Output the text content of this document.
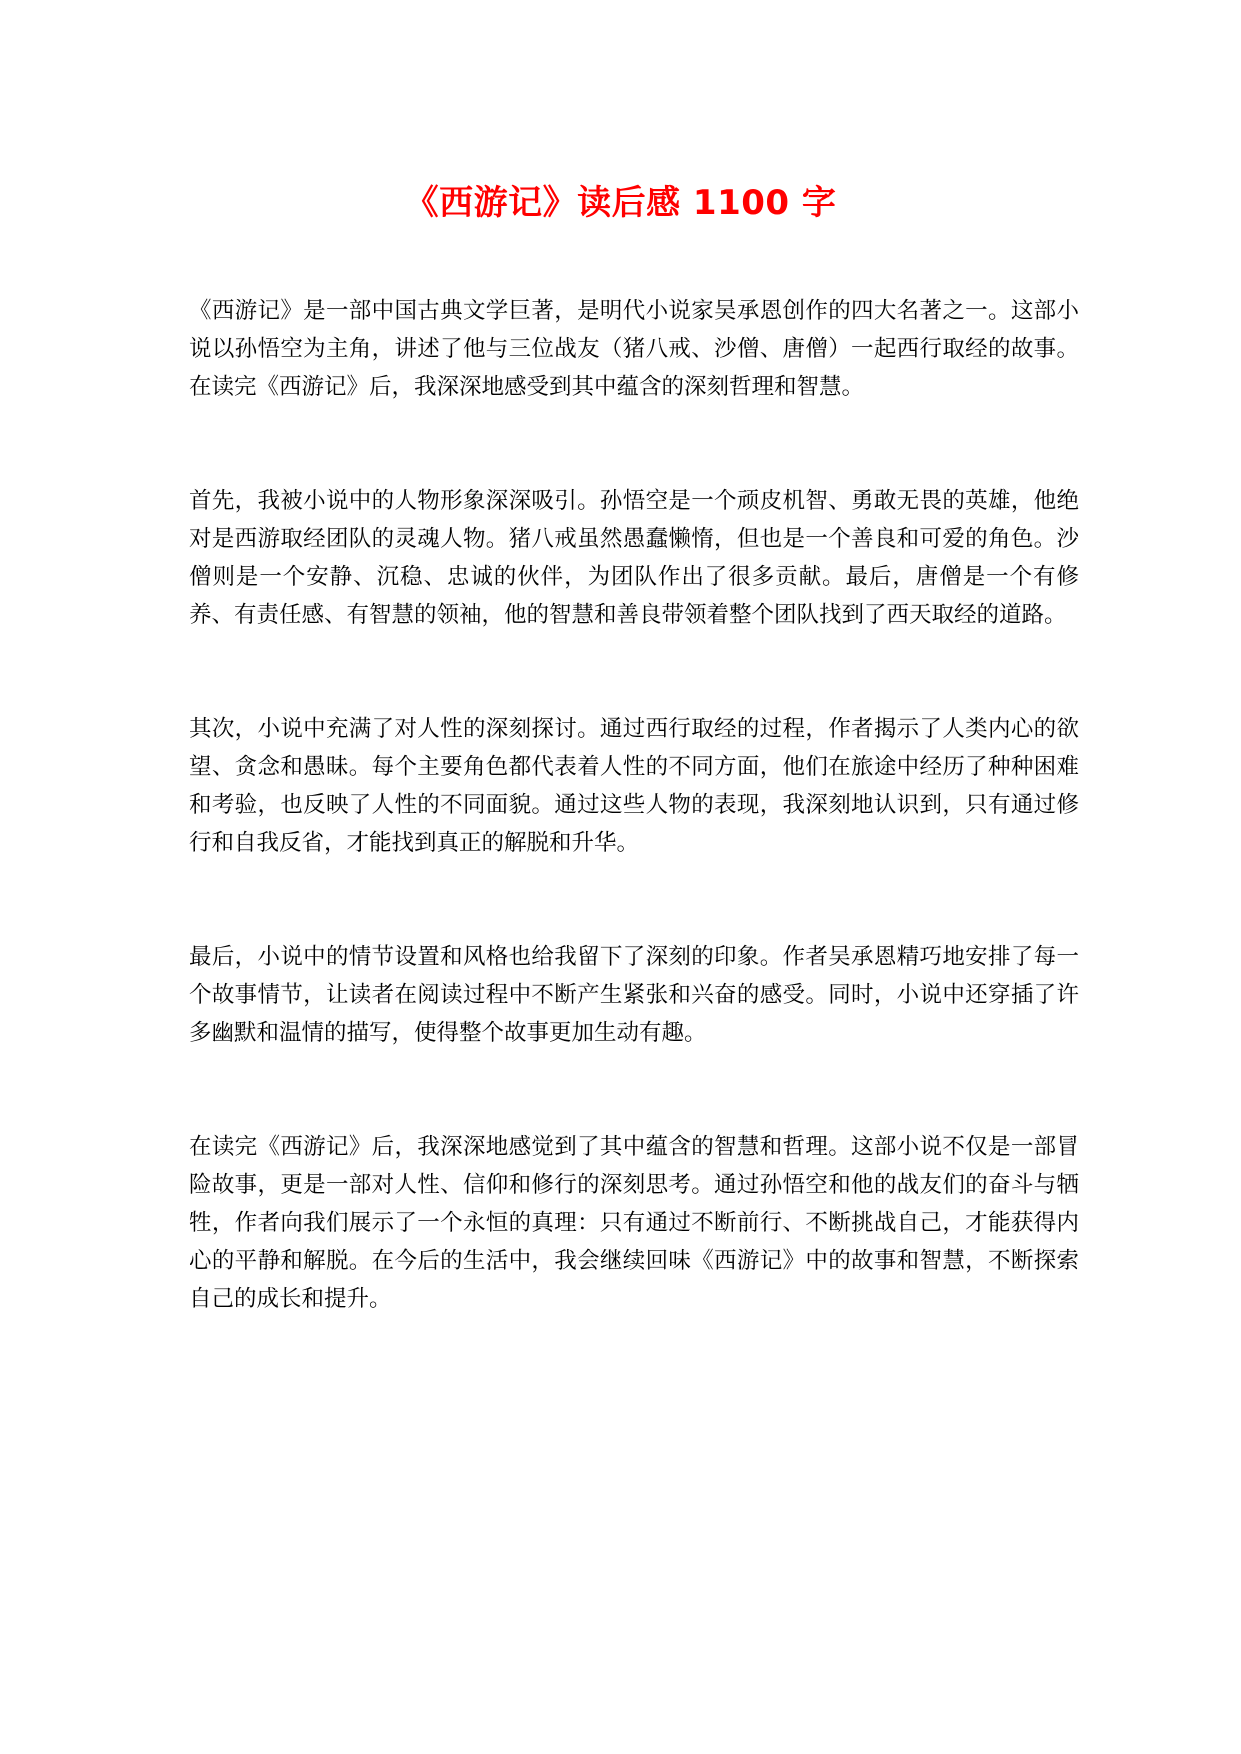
《西游记》读后感 1100 字

《西游记》是一部中国古典文学巨著，是明代小说家吴承恩创作的四大名著之一。这部小说以孙悟空为主角，讲述了他与三位战友（猪八戒、沙僧、唐僧）一起西行取经的故事。在读完《西游记》后，我深深地感受到其中蕴含的深刻哲理和智慧。

首先，我被小说中的人物形象深深吸引。孙悟空是一个顽皮机智、勇敢无畏的英雄，他绝对是西游取经团队的灵魂人物。猪八戒虽然愚蠢懒惰，但也是一个善良和可爱的角色。沙僧则是一个安静、沉稳、忠诚的伙伴，为团队作出了很多贡献。最后，唐僧是一个有修养、有责任感、有智慧的领袖，他的智慧和善良带领着整个团队找到了西天取经的道路。

其次，小说中充满了对人性的深刻探讨。通过西行取经的过程，作者揭示了人类内心的欲望、贪念和愚昧。每个主要角色都代表着人性的不同方面，他们在旅途中经历了种种困难和考验，也反映了人性的不同面貌。通过这些人物的表现，我深刻地认识到，只有通过修行和自我反省，才能找到真正的解脱和升华。

最后，小说中的情节设置和风格也给我留下了深刻的印象。作者吴承恩精巧地安排了每一个故事情节，让读者在阅读过程中不断产生紧张和兴奋的感受。同时，小说中还穿插了许多幽默和温情的描写，使得整个故事更加生动有趣。

在读完《西游记》后，我深深地感觉到了其中蕴含的智慧和哲理。这部小说不仅是一部冒险故事，更是一部对人性、信仰和修行的深刻思考。通过孙悟空和他的战友们的奋斗与牺牲，作者向我们展示了一个永恒的真理：只有通过不断前行、不断挑战自己，才能获得内心的平静和解脱。在今后的生活中，我会继续回味《西游记》中的故事和智慧，不断探索自己的成长和提升。
